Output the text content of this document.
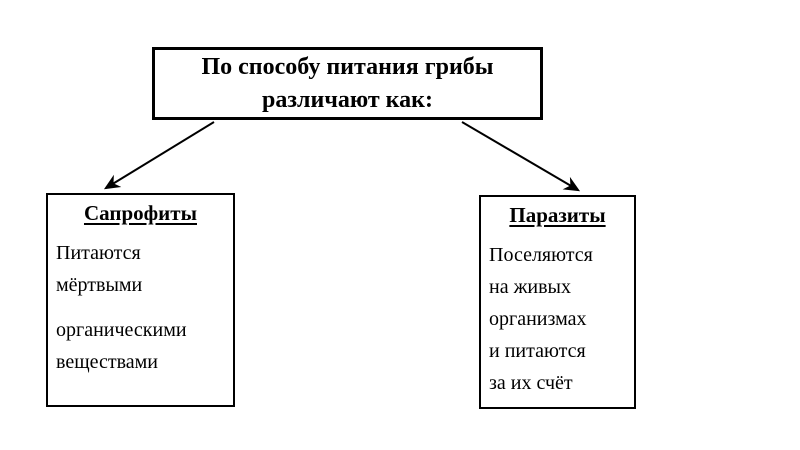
По способу питания грибы
различают как:
Сапрофиты
Питаются
мёртвыми
органическими
веществами
Паразиты
Поселяются
на живых
организмах
и питаются
за их счёт
